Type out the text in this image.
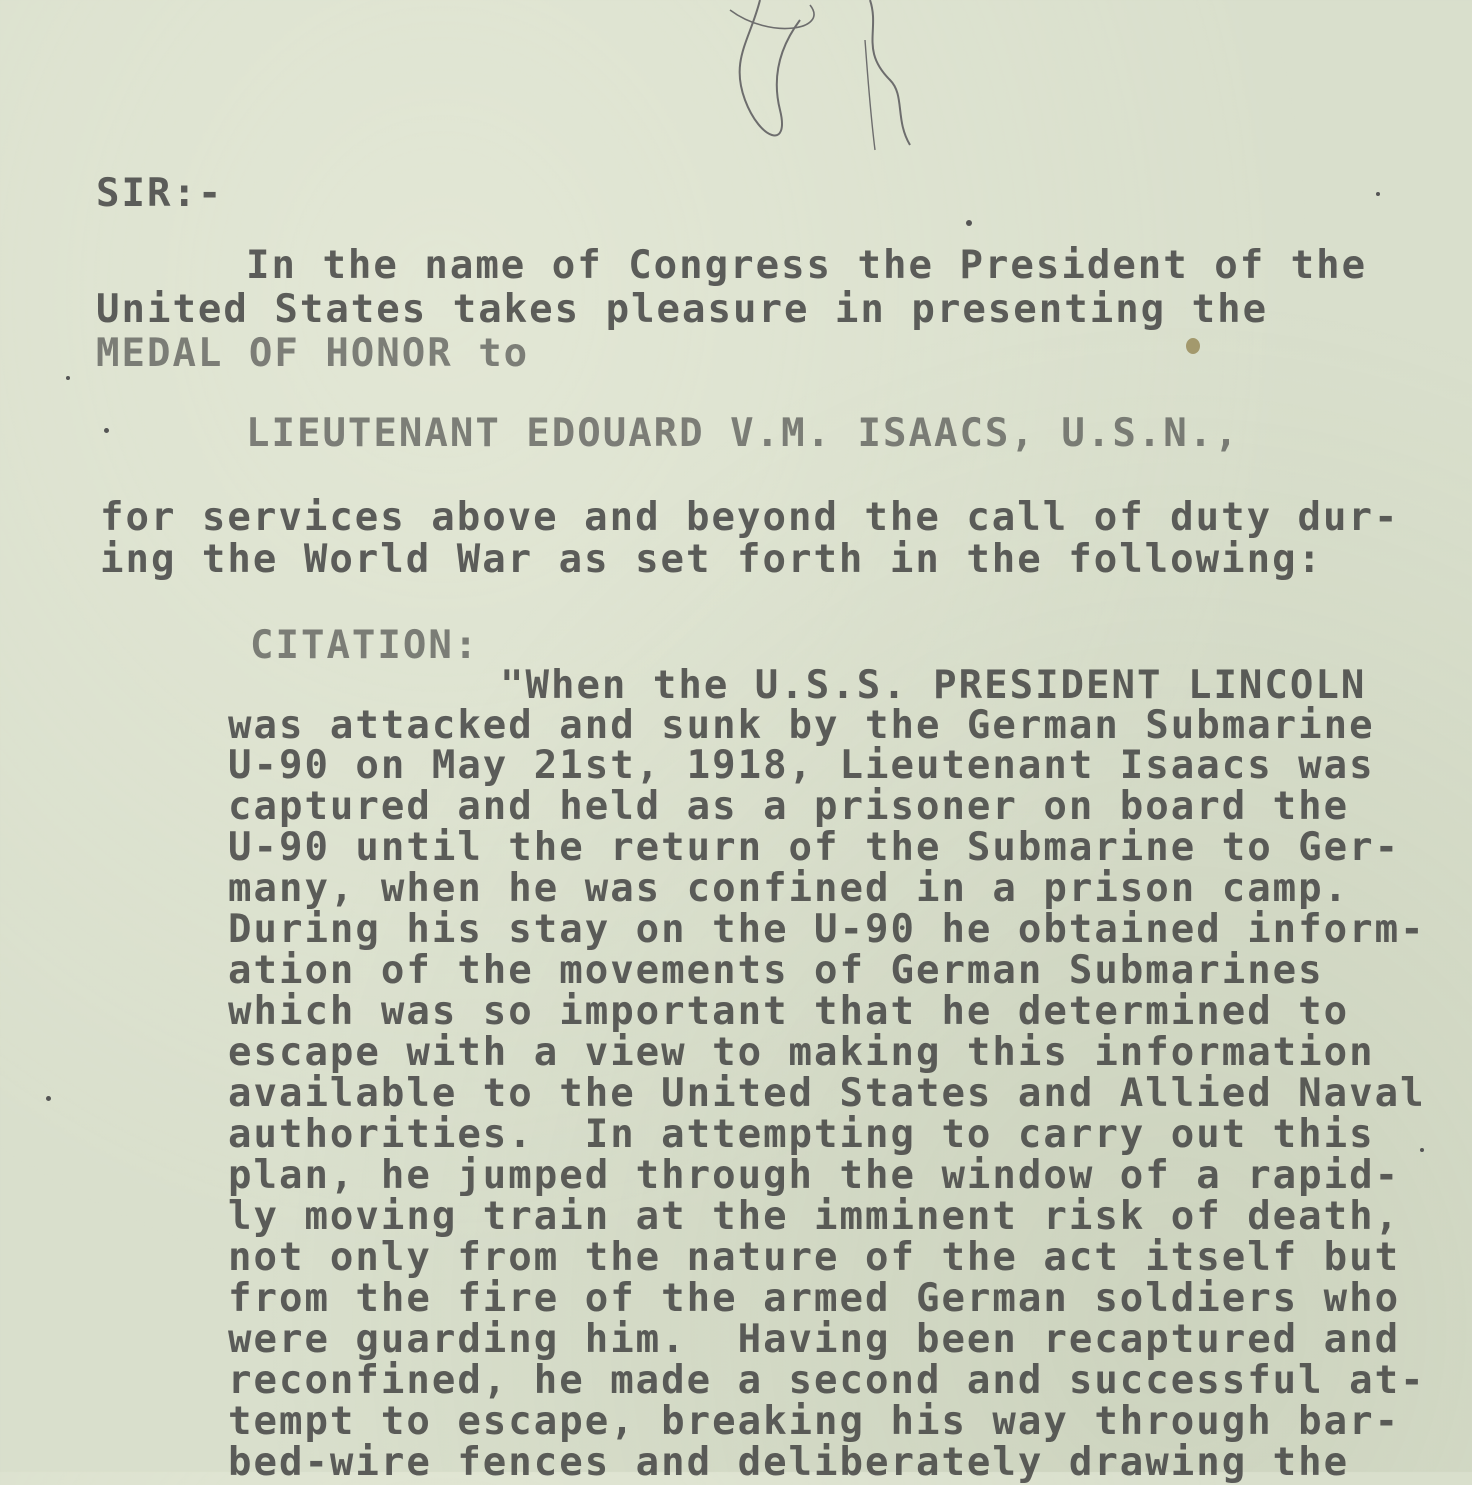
SIR:-
In the name of Congress the President of the
United States takes pleasure in presenting the
MEDAL OF HONOR to
LIEUTENANT EDOUARD V.M. ISAACS, U.S.N.,
for services above and beyond the call of duty dur-
ing the World War as set forth in the following:
CITATION:
"When the U.S.S. PRESIDENT LINCOLN
was attacked and sunk by the German Submarine
U-90 on May 21st, 1918, Lieutenant Isaacs was
captured and held as a prisoner on board the
U-90 until the return of the Submarine to Ger-
many, when he was confined in a prison camp.
During his stay on the U-90 he obtained inform-
ation of the movements of German Submarines
which was so important that he determined to
escape with a view to making this information
available to the United States and Allied Naval
authorities.  In attempting to carry out this
plan, he jumped through the window of a rapid-
ly moving train at the imminent risk of death,
not only from the nature of the act itself but
from the fire of the armed German soldiers who
were guarding him.  Having been recaptured and
reconfined, he made a second and successful at-
tempt to escape, breaking his way through bar-
bed-wire fences and deliberately drawing the
